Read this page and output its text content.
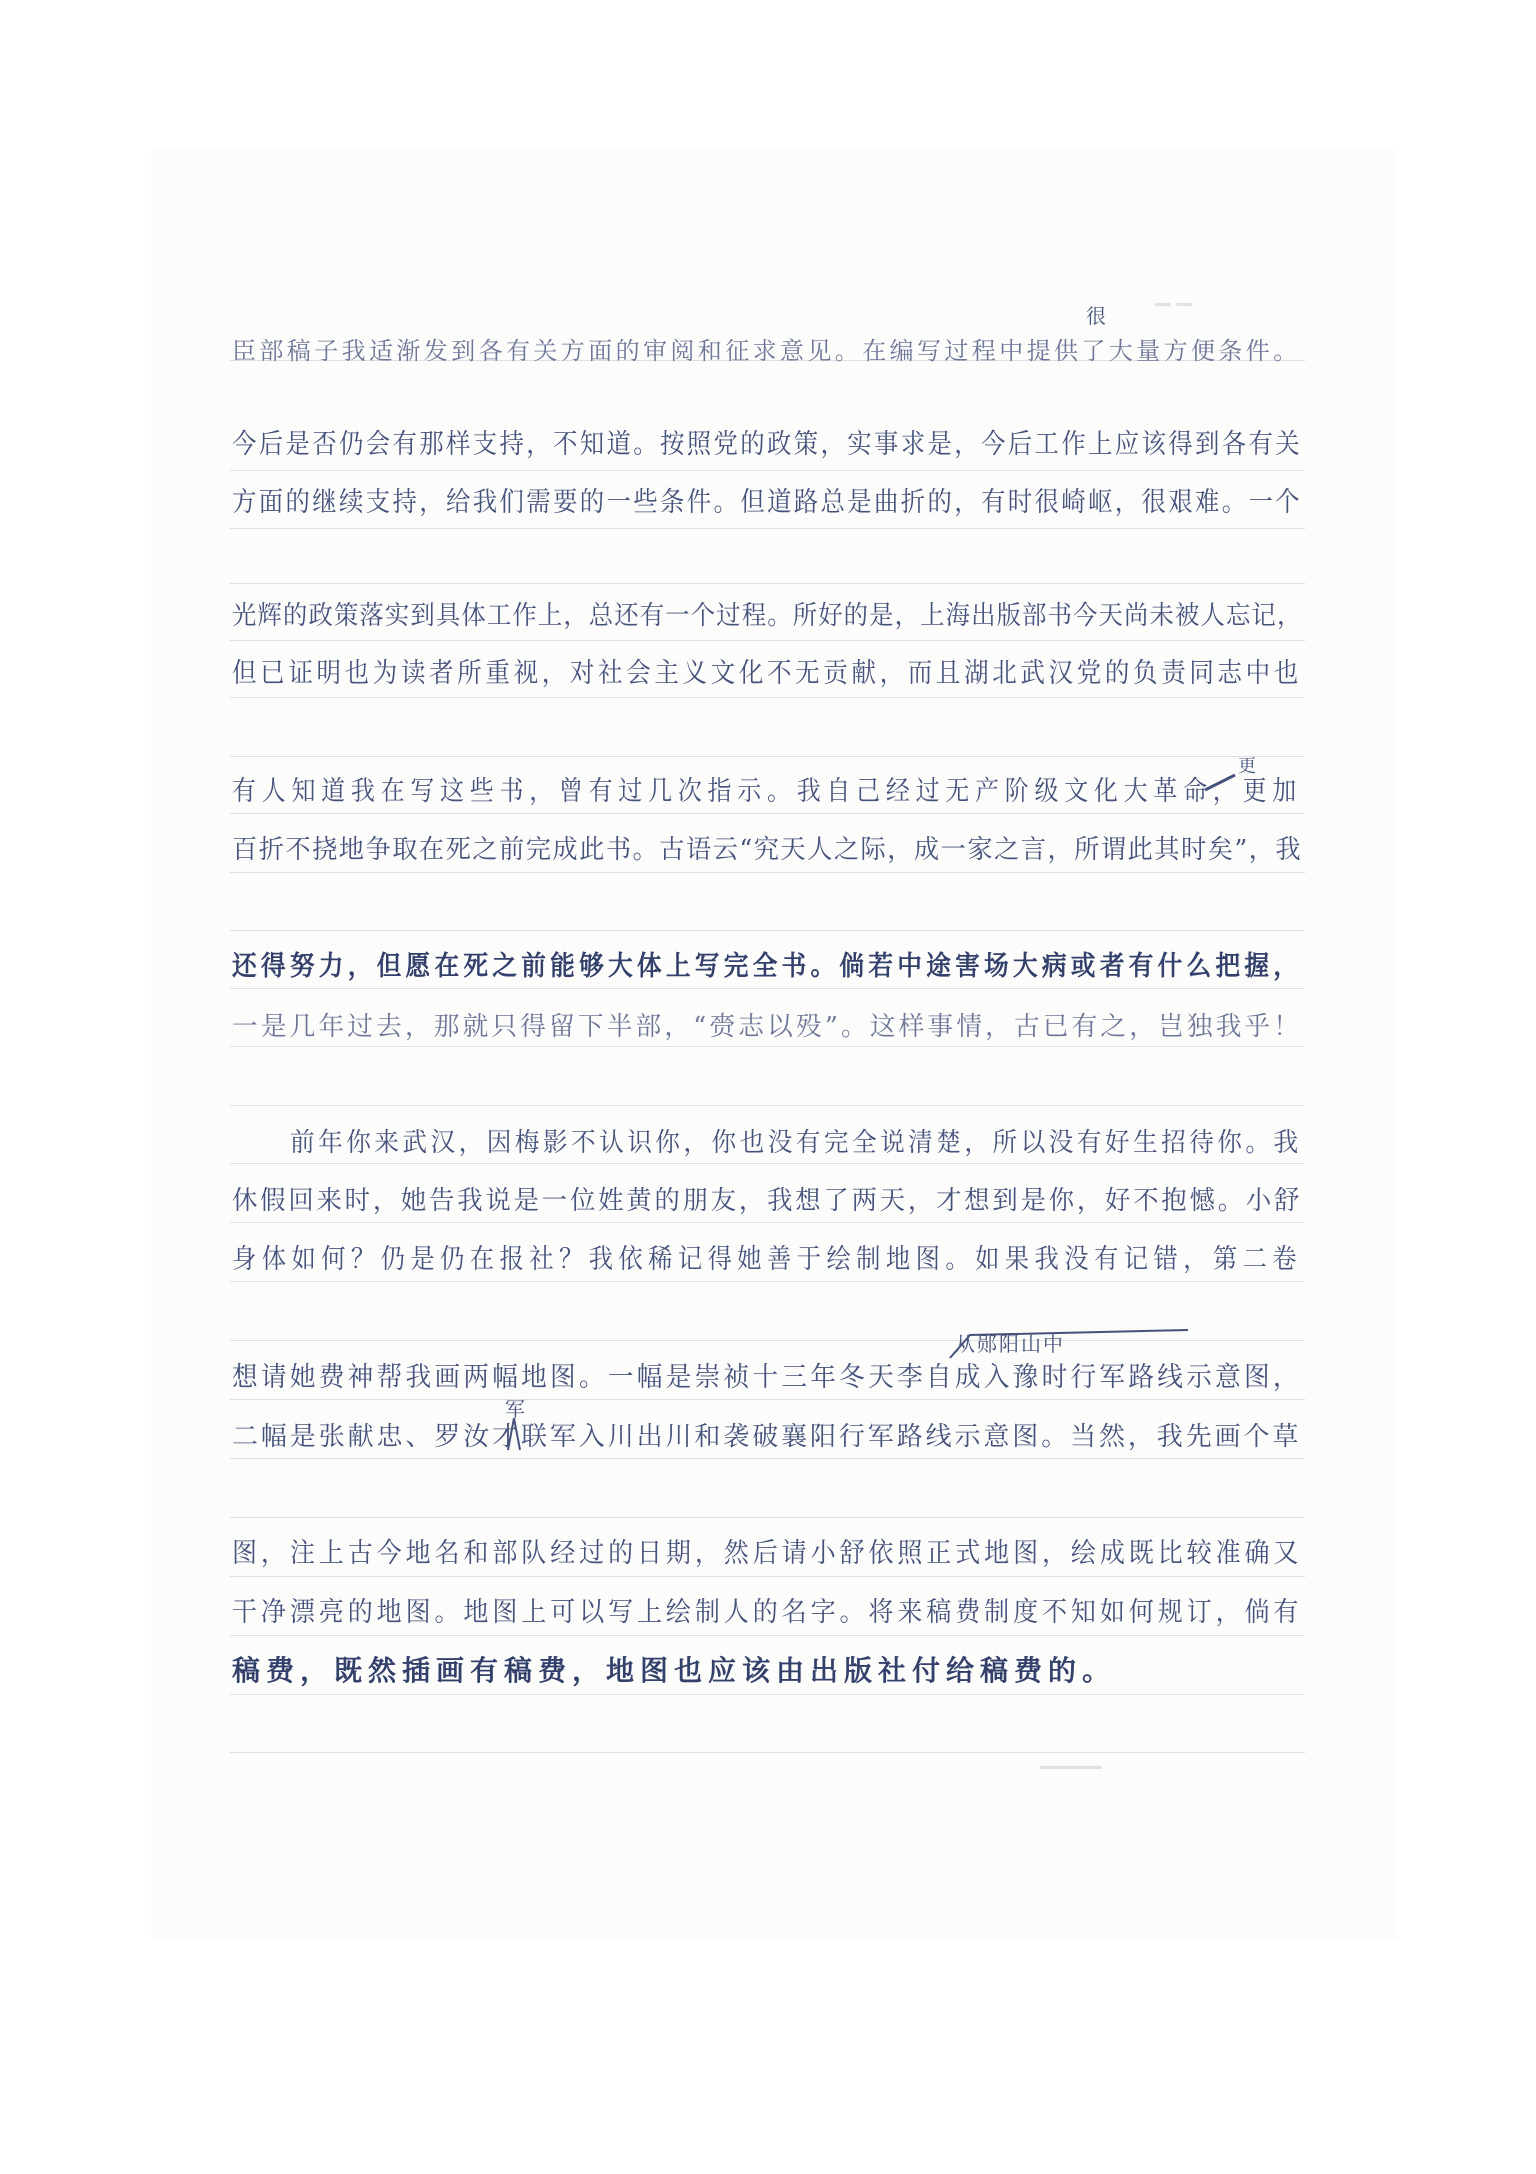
▁ ▁
▁▁▁▁
臣部稿子我适渐发到各有关方面的审阅和征求意见。在编写过程中提供了大量方便条件。
今后是否仍会有那样支持，不知道。按照党的政策，实事求是，今后工作上应该得到各有关
方面的继续支持，给我们需要的一些条件。但道路总是曲折的，有时很崎岖，很艰难。一个
光辉的政策落实到具体工作上，总还有一个过程。所好的是，上海出版部书今天尚未被人忘记，
但已证明也为读者所重视，对社会主义文化不无贡献，而且湖北武汉党的负责同志中也
有人知道我在写这些书，曾有过几次指示。我自己经过无产阶级文化大革命，更加
百折不挠地争取在死之前完成此书。古语云“究天人之际，成一家之言，所谓此其时矣”，我
还得努力，但愿在死之前能够大体上写完全书。倘若中途害场大病或者有什么把握，
一是几年过去，那就只得留下半部，“赍志以殁”。这样事情，古已有之，岂独我乎！
前年你来武汉，因梅影不认识你，你也没有完全说清楚，所以没有好生招待你。我
休假回来时，她告我说是一位姓黄的朋友，我想了两天，才想到是你，好不抱憾。小舒
身体如何？仍是仍在报社？我依稀记得她善于绘制地图。如果我没有记错，第二卷
想请她费神帮我画两幅地图。一幅是崇祯十三年冬天李自成入豫时行军路线示意图，
二幅是张献忠、罗汝才联军入川出川和袭破襄阳行军路线示意图。当然，我先画个草
图，注上古今地名和部队经过的日期，然后请小舒依照正式地图，绘成既比较准确又
干净漂亮的地图。地图上可以写上绘制人的名字。将来稿费制度不知如何规订，倘有
稿费，既然插画有稿费，地图也应该由出版社付给稿费的。
很
更
从郧阳山中
军
